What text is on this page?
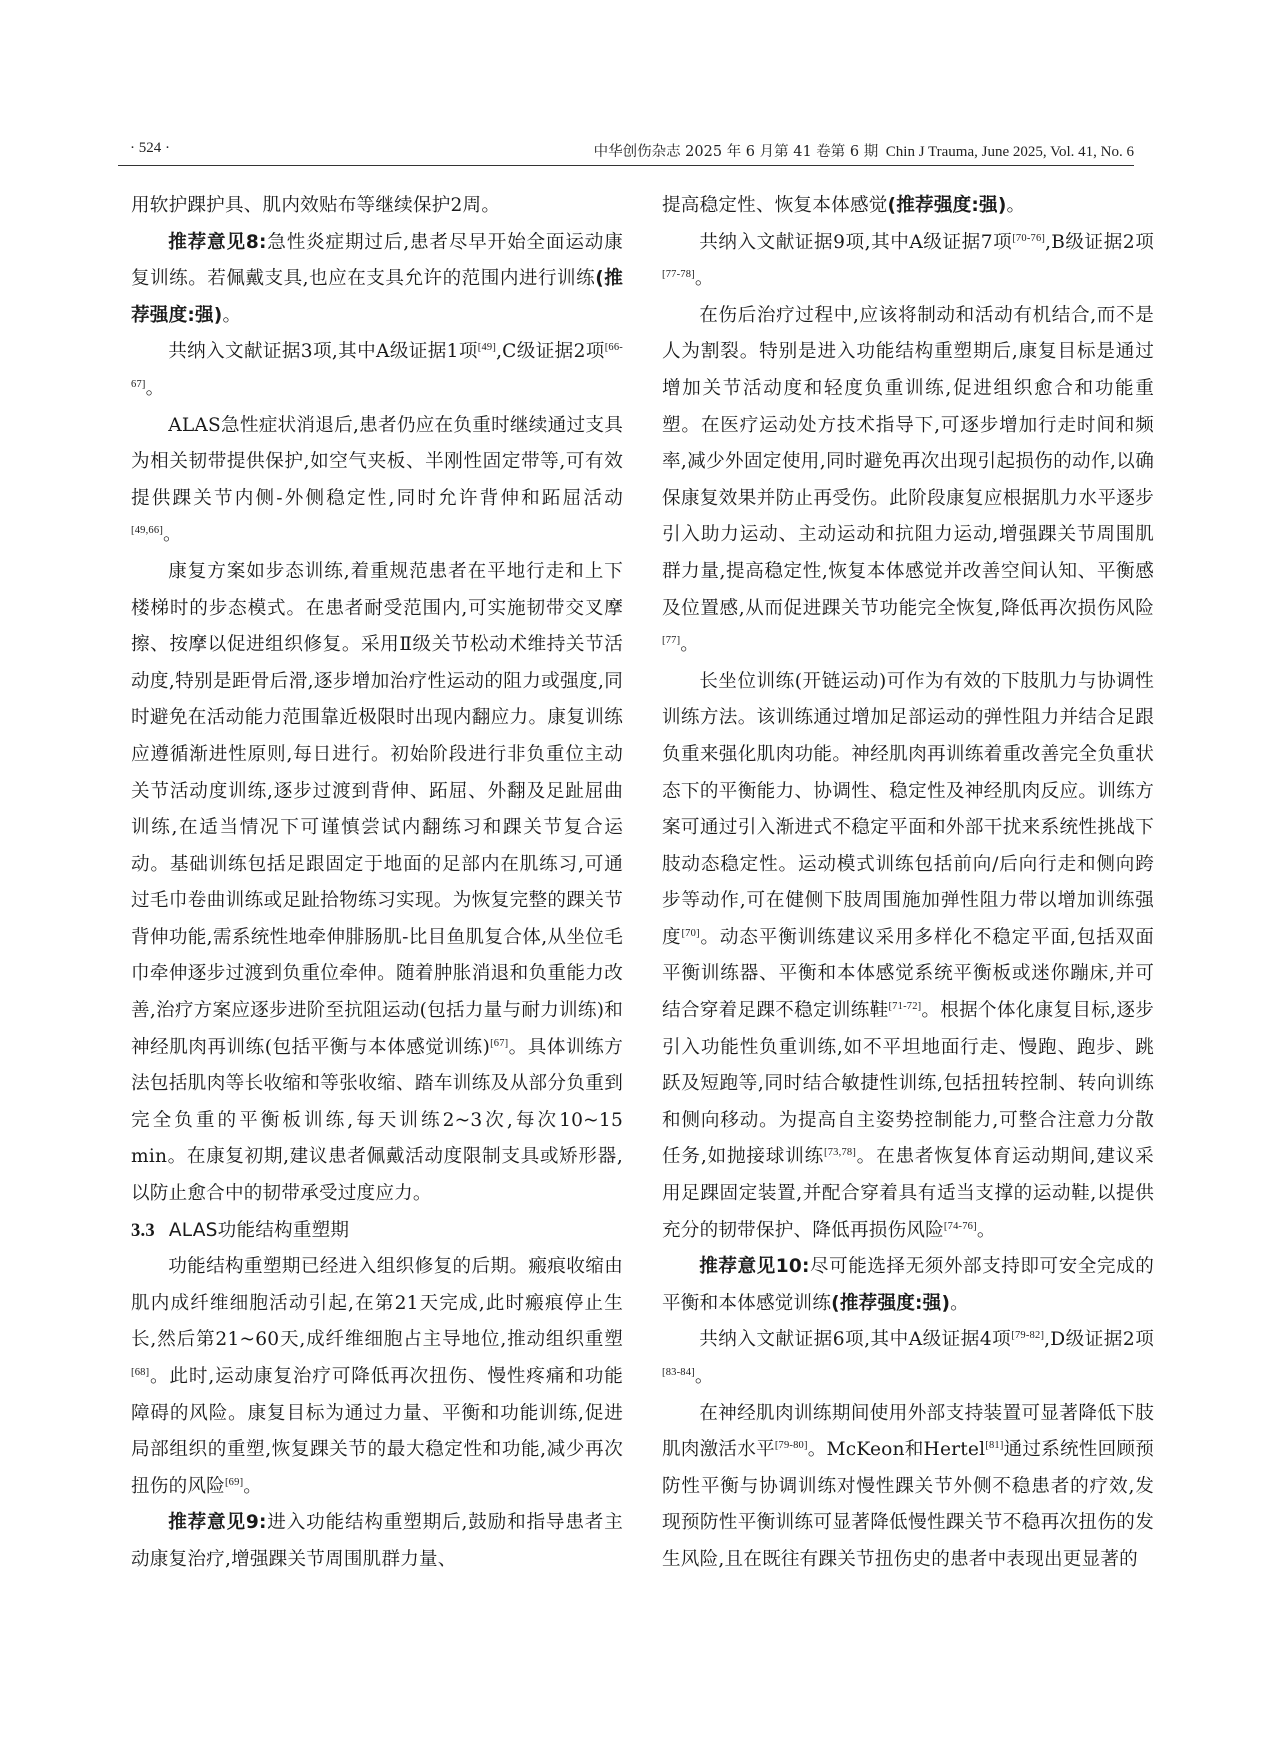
· 524 ·	中华创伤杂志 2025 年 6 月第 41 卷第 6 期 Chin J Trauma, June 2025, Vol. 41, No. 6

用软护踝护具、肌内效贴布等继续保护2周。

推荐意见8:急性炎症期过后,患者尽早开始全面运动康复训练。若佩戴支具,也应在支具允许的范围内进行训练(推荐强度:强)。

共纳入文献证据3项,其中A级证据1项[49],C级证据2项[66-67]。

ALAS急性症状消退后,患者仍应在负重时继续通过支具为相关韧带提供保护,如空气夹板、半刚性固定带等,可有效提供踝关节内侧-外侧稳定性,同时允许背伸和跖屈活动[49,66]。

康复方案如步态训练,着重规范患者在平地行走和上下楼梯时的步态模式。在患者耐受范围内,可实施韧带交叉摩擦、按摩以促进组织修复。采用Ⅱ级关节松动术维持关节活动度,特别是距骨后滑,逐步增加治疗性运动的阻力或强度,同时避免在活动能力范围靠近极限时出现内翻应力。康复训练应遵循渐进性原则,每日进行。初始阶段进行非负重位主动关节活动度训练,逐步过渡到背伸、跖屈、外翻及足趾屈曲训练,在适当情况下可谨慎尝试内翻练习和踝关节复合运动。基础训练包括足跟固定于地面的足部内在肌练习,可通过毛巾卷曲训练或足趾拾物练习实现。为恢复完整的踝关节背伸功能,需系统性地牵伸腓肠肌-比目鱼肌复合体,从坐位毛巾牵伸逐步过渡到负重位牵伸。随着肿胀消退和负重能力改善,治疗方案应逐步进阶至抗阻运动(包括力量与耐力训练)和神经肌肉再训练(包括平衡与本体感觉训练)[67]。具体训练方法包括肌肉等长收缩和等张收缩、踏车训练及从部分负重到完全负重的平衡板训练,每天训练2~3次,每次10~15 min。在康复初期,建议患者佩戴活动度限制支具或矫形器,以防止愈合中的韧带承受过度应力。

3.3 ALAS功能结构重塑期

功能结构重塑期已经进入组织修复的后期。瘢痕收缩由肌内成纤维细胞活动引起,在第21天完成,此时瘢痕停止生长,然后第21~60天,成纤维细胞占主导地位,推动组织重塑[68]。此时,运动康复治疗可降低再次扭伤、慢性疼痛和功能障碍的风险。康复目标为通过力量、平衡和功能训练,促进局部组织的重塑,恢复踝关节的最大稳定性和功能,减少再次扭伤的风险[69]。

推荐意见9:进入功能结构重塑期后,鼓励和指导患者主动康复治疗,增强踝关节周围肌群力量、

提高稳定性、恢复本体感觉(推荐强度:强)。

共纳入文献证据9项,其中A级证据7项[70-76],B级证据2项[77-78]。

在伤后治疗过程中,应该将制动和活动有机结合,而不是人为割裂。特别是进入功能结构重塑期后,康复目标是通过增加关节活动度和轻度负重训练,促进组织愈合和功能重塑。在医疗运动处方技术指导下,可逐步增加行走时间和频率,减少外固定使用,同时避免再次出现引起损伤的动作,以确保康复效果并防止再受伤。此阶段康复应根据肌力水平逐步引入助力运动、主动运动和抗阻力运动,增强踝关节周围肌群力量,提高稳定性,恢复本体感觉并改善空间认知、平衡感及位置感,从而促进踝关节功能完全恢复,降低再次损伤风险[77]。

长坐位训练(开链运动)可作为有效的下肢肌力与协调性训练方法。该训练通过增加足部运动的弹性阻力并结合足跟负重来强化肌肉功能。神经肌肉再训练着重改善完全负重状态下的平衡能力、协调性、稳定性及神经肌肉反应。训练方案可通过引入渐进式不稳定平面和外部干扰来系统性挑战下肢动态稳定性。运动模式训练包括前向/后向行走和侧向跨步等动作,可在健侧下肢周围施加弹性阻力带以增加训练强度[70]。动态平衡训练建议采用多样化不稳定平面,包括双面平衡训练器、平衡和本体感觉系统平衡板或迷你蹦床,并可结合穿着足踝不稳定训练鞋[71-72]。根据个体化康复目标,逐步引入功能性负重训练,如不平坦地面行走、慢跑、跑步、跳跃及短跑等,同时结合敏捷性训练,包括扭转控制、转向训练和侧向移动。为提高自主姿势控制能力,可整合注意力分散任务,如抛接球训练[73,78]。在患者恢复体育运动期间,建议采用足踝固定装置,并配合穿着具有适当支撑的运动鞋,以提供充分的韧带保护、降低再损伤风险[74-76]。

推荐意见10:尽可能选择无须外部支持即可安全完成的平衡和本体感觉训练(推荐强度:强)。

共纳入文献证据6项,其中A级证据4项[79-82],D级证据2项[83-84]。

在神经肌肉训练期间使用外部支持装置可显著降低下肢肌肉激活水平[79-80]。McKeon和Hertel[81]通过系统性回顾预防性平衡与协调训练对慢性踝关节外侧不稳患者的疗效,发现预防性平衡训练可显著降低慢性踝关节不稳再次扭伤的发生风险,且在既往有踝关节扭伤史的患者中表现出更显著的
